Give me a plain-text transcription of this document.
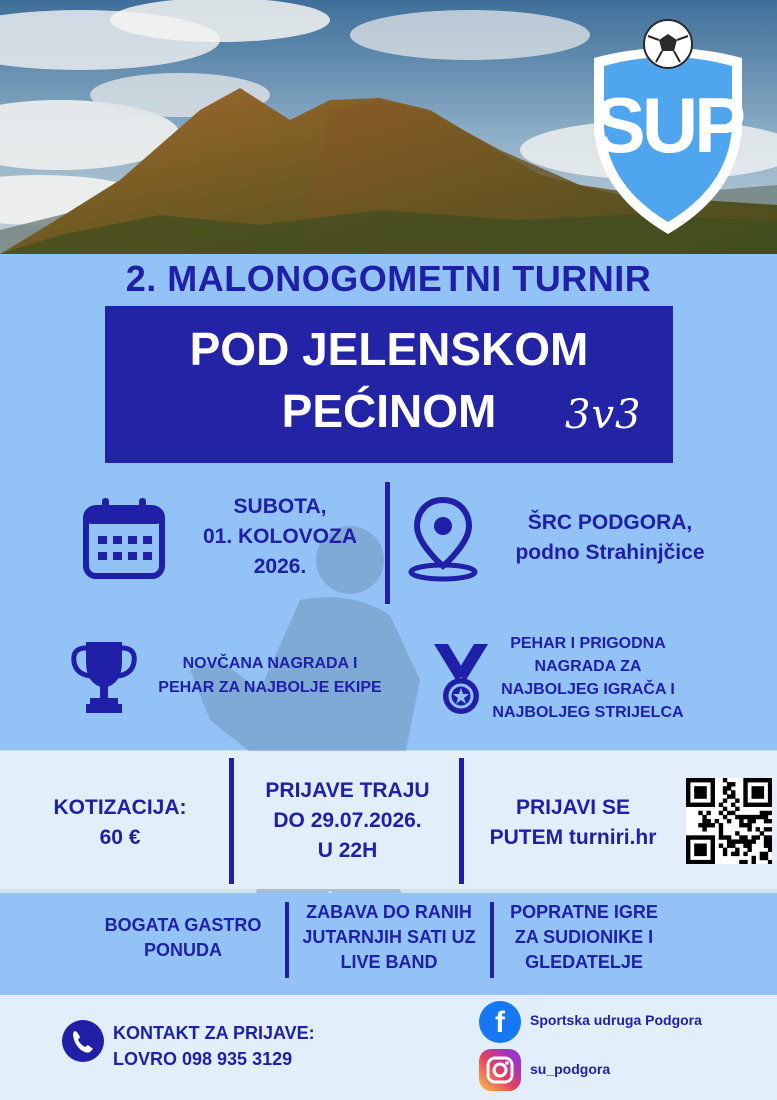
SUP
2. MALONOGOMETNI TURNIR
POD JELENSKOM
PEĆINOM	3v3
SUBOTA,
01. KOLOVOZA
2026.
ŠRC PODGORA,
podno Strahinjčice
NOVČANA NAGRADA I
PEHAR ZA NAJBOLJE EKIPE
PEHAR I PRIGODNA
NAGRADA ZA
NAJBOLJEG IGRAČA I
NAJBOLJEG STRIJELCA
KOTIZACIJA:
60 €
PRIJAVE TRAJU
DO 29.07.2026.
U 22H
PRIJAVI SE
PUTEM turniri.hr
BOGATA GASTRO
PONUDA
ZABAVA DO RANIH
JUTARNJIH SATI UZ
LIVE BAND
POPRATNE IGRE
ZA SUDIONIKE I
GLEDATELJE
KONTAKT ZA PRIJAVE:
LOVRO 098 935 3129
f	Sportska udruga Podgora
su_podgora
